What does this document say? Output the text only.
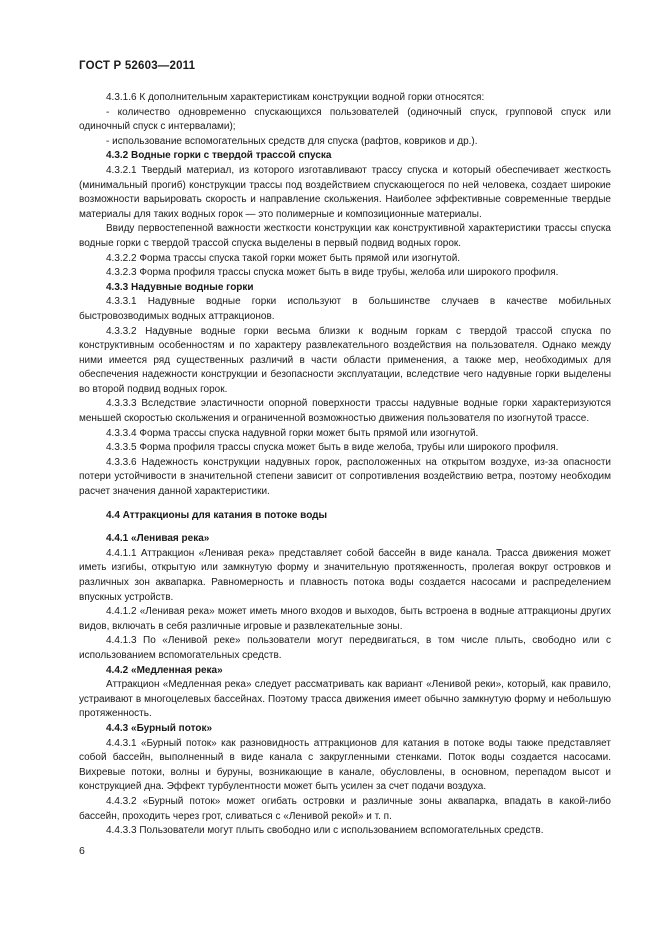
ГОСТ Р 52603—2011

4.3.1.6 К дополнительным характеристикам конструкции водной горки относятся:

- количество одновременно спускающихся пользователей (одиночный спуск, групповой спуск или одиночный спуск с интервалами);

- использование вспомогательных средств для спуска (рафтов, ковриков и др.).

4.3.2 Водные горки с твердой трассой спуска

4.3.2.1 Твердый материал, из которого изготавливают трассу спуска и который обеспечивает жесткость (минимальный прогиб) конструкции трассы под воздействием спускающегося по ней человека, создает широкие возможности варьировать скорость и направление скольжения. Наиболее эффективные современные твердые материалы для таких водных горок — это полимерные и композиционные материалы.

Ввиду первостепенной важности жесткости конструкции как конструктивной характеристики трассы спуска водные горки с твердой трассой спуска выделены в первый подвид водных горок.

4.3.2.2 Форма трассы спуска такой горки может быть прямой или изогнутой.

4.3.2.3 Форма профиля трассы спуска может быть в виде трубы, желоба или широкого профиля.

4.3.3 Надувные водные горки

4.3.3.1 Надувные водные горки используют в большинстве случаев в качестве мобильных быстровозводимых водных аттракционов.

4.3.3.2 Надувные водные горки весьма близки к водным горкам с твердой трассой спуска по конструктивным особенностям и по характеру развлекательного воздействия на пользователя. Однако между ними имеется ряд существенных различий в части области применения, а также мер, необходимых для обеспечения надежности конструкции и безопасности эксплуатации, вследствие чего надувные горки выделены во второй подвид водных горок.

4.3.3.3 Вследствие эластичности опорной поверхности трассы надувные водные горки характеризуются меньшей скоростью скольжения и ограниченной возможностью движения пользователя по изогнутой трассе.

4.3.3.4 Форма трассы спуска надувной горки может быть прямой или изогнутой.

4.3.3.5 Форма профиля трассы спуска может быть в виде желоба, трубы или широкого профиля.

4.3.3.6 Надежность конструкции надувных горок, расположенных на открытом воздухе, из-за опасности потери устойчивости в значительной степени зависит от сопротивления воздействию ветра, поэтому необходим расчет значения данной характеристики.

4.4 Аттракционы для катания в потоке воды

4.4.1 «Ленивая река»

4.4.1.1 Аттракцион «Ленивая река» представляет собой бассейн в виде канала. Трасса движения может иметь изгибы, открытую или замкнутую форму и значительную протяженность, пролегая вокруг островков и различных зон аквапарка. Равномерность и плавность потока воды создается насосами и распределением впускных устройств.

4.4.1.2 «Ленивая река» может иметь много входов и выходов, быть встроена в водные аттракционы других видов, включать в себя различные игровые и развлекательные зоны.

4.4.1.3 По «Ленивой реке» пользователи могут передвигаться, в том числе плыть, свободно или с использованием вспомогательных средств.

4.4.2 «Медленная река»

Аттракцион «Медленная река» следует рассматривать как вариант «Ленивой реки», который, как правило, устраивают в многоцелевых бассейнах. Поэтому трасса движения имеет обычно замкнутую форму и небольшую протяженность.

4.4.3 «Бурный поток»

4.4.3.1 «Бурный поток» как разновидность аттракционов для катания в потоке воды также представляет собой бассейн, выполненный в виде канала с закругленными стенками. Поток воды создается насосами. Вихревые потоки, волны и буруны, возникающие в канале, обусловлены, в основном, перепадом высот и конструкцией дна. Эффект турбулентности может быть усилен за счет подачи воздуха.

4.4.3.2 «Бурный поток» может огибать островки и различные зоны аквапарка, впадать в какой-либо бассейн, проходить через грот, сливаться с «Ленивой рекой» и т. п.

4.4.3.3 Пользователи могут плыть свободно или с использованием вспомогательных средств.

6
